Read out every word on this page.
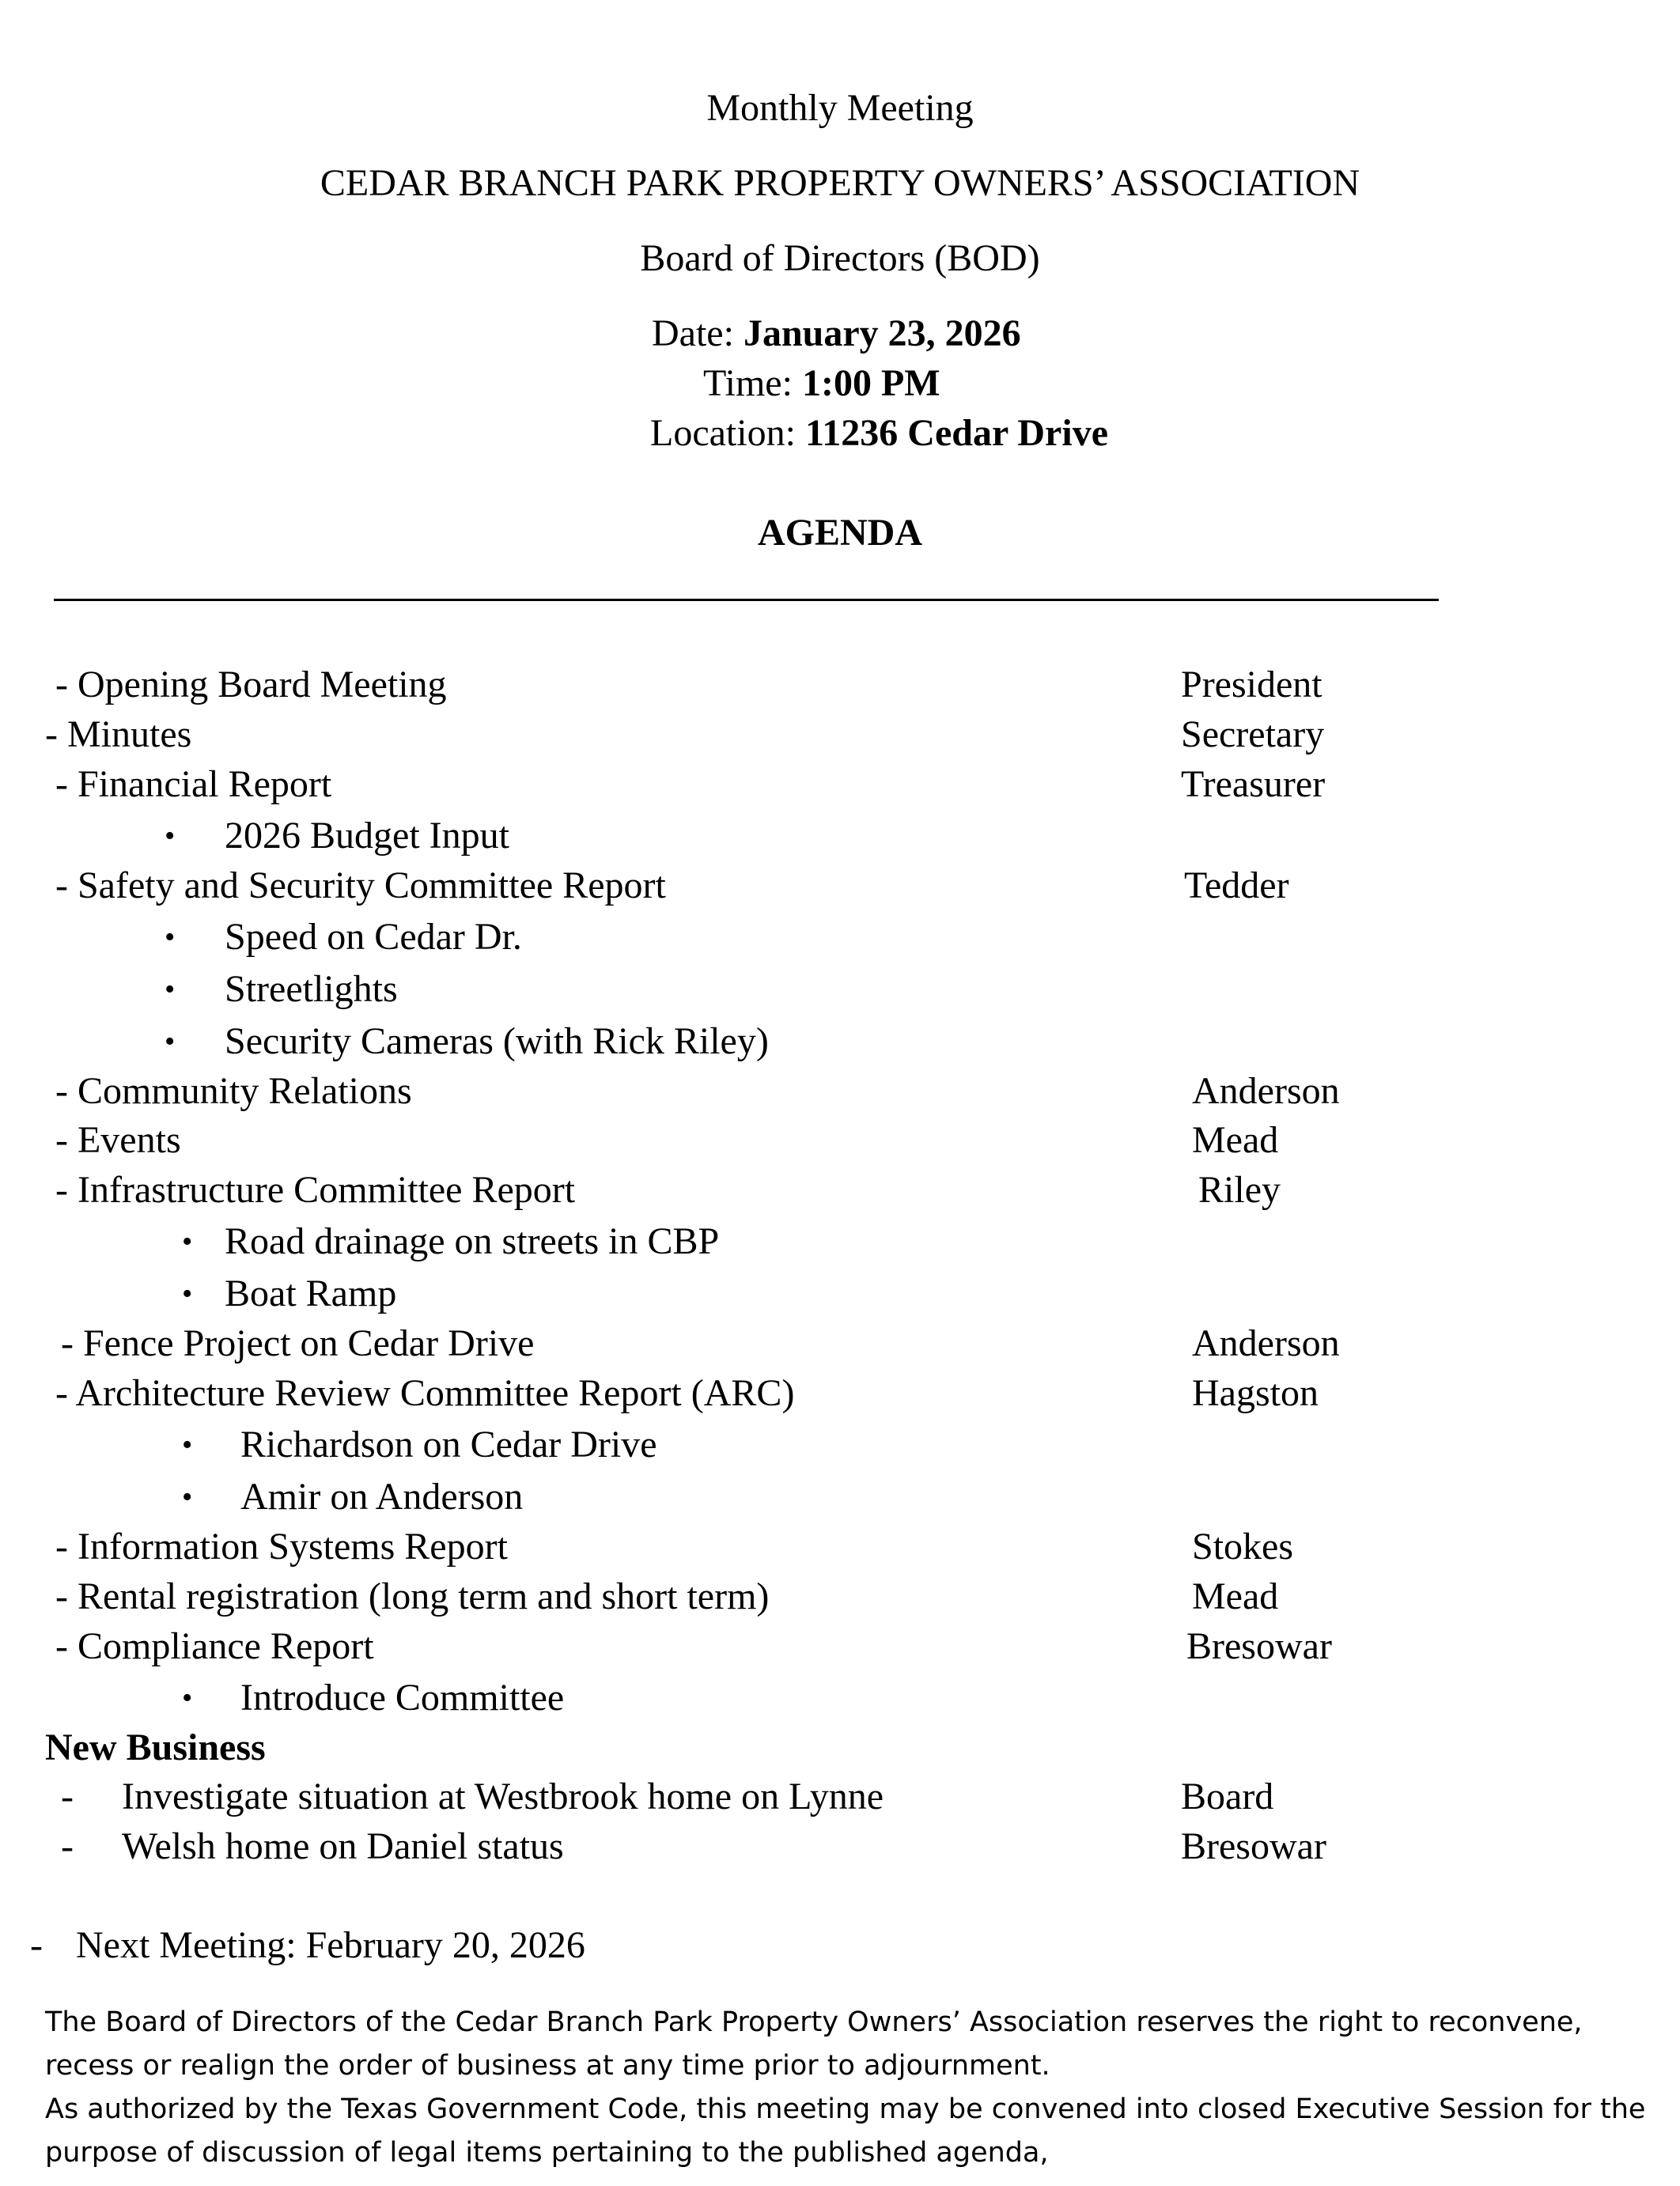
Monthly Meeting
CEDAR BRANCH PARK PROPERTY OWNERS’ ASSOCIATION
Board of Directors (BOD)
Date: January 23, 2026
Time: 1:00 PM
Location: 11236 Cedar Drive
AGENDA
- Opening Board Meeting	President
- Minutes	Secretary
- Financial Report	Treasurer
• 2026 Budget Input
- Safety and Security Committee Report	Tedder
• Speed on Cedar Dr.
• Streetlights
• Security Cameras (with Rick Riley)
- Community Relations	Anderson
- Events	Mead
- Infrastructure Committee Report	Riley
• Road drainage on streets in CBP
• Boat Ramp
- Fence Project on Cedar Drive	Anderson
- Architecture Review Committee Report (ARC)	Hagston
• Richardson on Cedar Drive
• Amir on Anderson
- Information Systems Report	Stokes
- Rental registration (long term and short term)	Mead
- Compliance Report	Bresowar
• Introduce Committee
New Business
- Investigate situation at Westbrook home on Lynne	Board
- Welsh home on Daniel status	Bresowar
- Next Meeting: February 20, 2026

The Board of Directors of the Cedar Branch Park Property Owners’ Association reserves the right to reconvene, recess or realign the order of business at any time prior to adjournment.

As authorized by the Texas Government Code, this meeting may be convened into closed Executive Session for the purpose of discussion of legal items pertaining to the published agenda,
